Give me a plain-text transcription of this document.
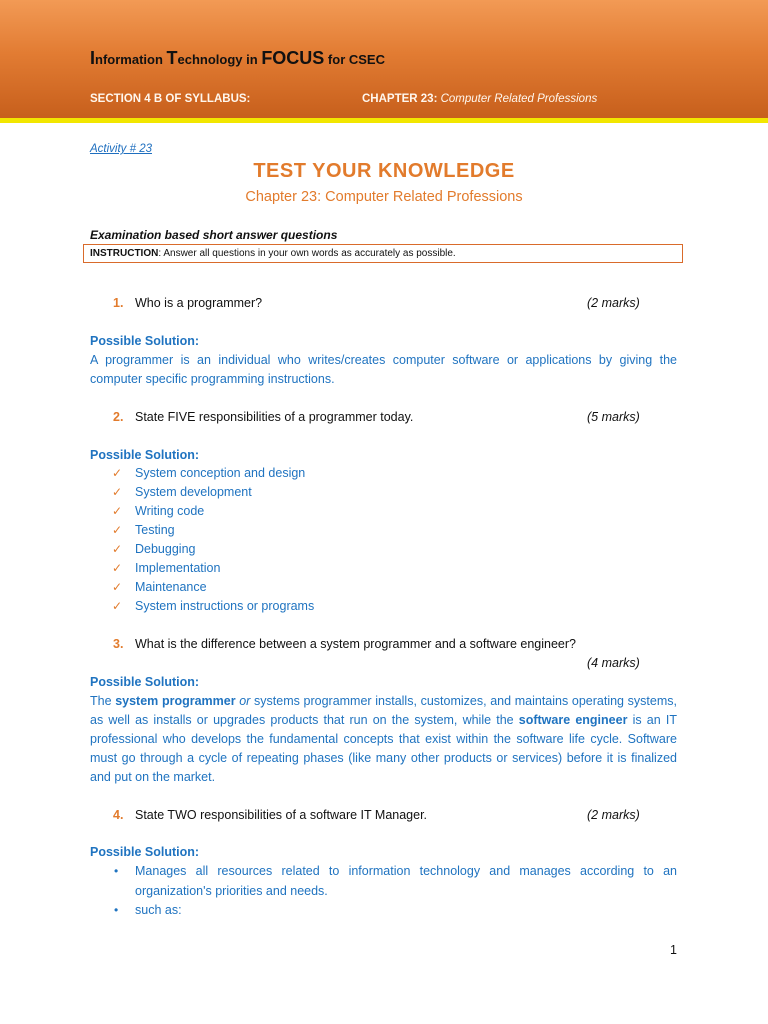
Information Technology in FOCUS for CSEC
SECTION 4 B OF SYLLABUS:	CHAPTER 23: Computer Related Professions
Activity # 23
TEST YOUR KNOWLEDGE
Chapter 23: Computer Related Professions
Examination based short answer questions
INSTRUCTION: Answer all questions in your own words as accurately as possible.
1. Who is a programmer?	(2 marks)
Possible Solution:
A programmer is an individual who writes/creates computer software or applications by giving the computer specific programming instructions.
2. State FIVE responsibilities of a programmer today.	(5 marks)
Possible Solution:
✓ System conception and design
✓ System development
✓ Writing code
✓ Testing
✓ Debugging
✓ Implementation
✓ Maintenance
✓ System instructions or programs
3. What is the difference between a system programmer and a software engineer?
(4 marks)
Possible Solution:
The system programmer or systems programmer installs, customizes, and maintains operating systems, as well as installs or upgrades products that run on the system, while the software engineer is an IT professional who develops the fundamental concepts that exist within the software life cycle. Software must go through a cycle of repeating phases (like many other products or services) before it is finalized and put on the market.
4. State TWO responsibilities of a software IT Manager.	(2 marks)
Possible Solution:
• Manages all resources related to information technology and manages according to an organization's priorities and needs.
• such as:
1
